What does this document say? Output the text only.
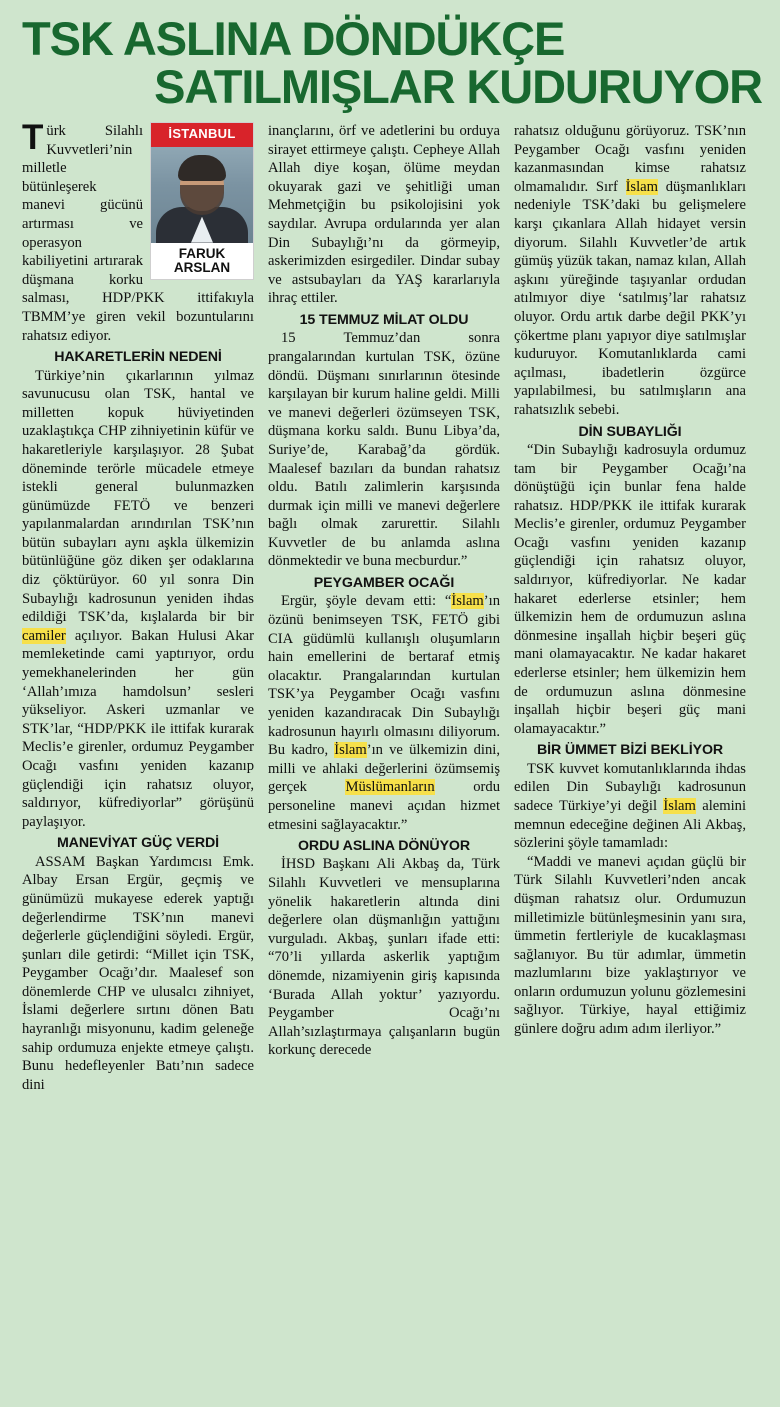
TSK ASLINA DÖNDÜKÇE
SATILMIŞLAR KUDURUYOR
İSTANBUL
FARUK
ARSLAN

Türk Silahlı Kuvvetleri’nin milletle bütünleşerek manevi gücünü artırması ve operasyon kabiliyetini artırarak düşmana korku salması, HDP/PKK ittifakıyla TBMM’ye giren vekil bozuntularını rahatsız ediyor.

HAKARETLERİN NEDENİ

Türkiye’nin çıkarlarının yılmaz savunucusu olan TSK, hantal ve milletten kopuk hüviyetinden uzaklaştıkça CHP zihniyetinin küfür ve hakaretleriyle karşılaşıyor. 28 Şubat döneminde terörle mücadele etmeye istekli general bulunmazken günümüzde FETÖ ve benzeri yapılanmalardan arındırılan TSK’nın bütün subayları aynı aşkla ülkemizin bütünlüğüne göz diken şer odaklarına diz çöktürüyor. 60 yıl sonra Din Subaylığı kadrosunun yeniden ihdas edildiği TSK’da, kışlalarda bir bir camiler açılıyor. Bakan Hulusi Akar memleketinde cami yaptırıyor, ordu yemekhanelerinden her gün ‘Allah’ımıza hamdolsun’ sesleri yükseliyor. Askeri uzmanlar ve STK’lar, “HDP/PKK ile ittifak kurarak Meclis’e girenler, ordumuz Peygamber Ocağı vasfını yeniden kazanıp güçlendiği için rahatsız oluyor, saldırıyor, küfrediyorlar” görüşünü paylaşıyor.

MANEVİYAT GÜÇ VERDİ

ASSAM Başkan Yardımcısı Emk. Albay Ersan Ergür, geçmiş ve günümüzü mukayese ederek yaptığı değerlendirme TSK’nın manevi değerlerle güçlendiğini söyledi. Ergür, şunları dile getirdi: “Millet için TSK, Peygamber Ocağı’dır. Maalesef son dönemlerde CHP ve ulusalcı zihniyet, İslami değerlere sırtını dönen Batı hayranlığı misyonunu, kadim geleneğe sahip ordumuza enjekte etmeye çalıştı. Bunu hedefleyenler Batı’nın sadece dini

inançlarını, örf ve adetlerini bu orduya sirayet ettirmeye çalıştı. Cepheye Allah Allah diye koşan, ölüme meydan okuyarak gazi ve şehitliği uman Mehmetçiğin bu psikolojisini yok saydılar. Avrupa ordularında yer alan Din Subaylığı’nı da görmeyip, askerimizden esirgediler. Dindar subay ve astsubayları da YAŞ kararlarıyla ihraç ettiler.

15 TEMMUZ MİLAT OLDU

15 Temmuz’dan sonra prangalarından kurtulan TSK, özüne döndü. Düşmanı sınırlarının ötesinde karşılayan bir kurum haline geldi. Milli ve manevi değerleri özümseyen TSK, düşmana korku saldı. Bunu Libya’da, Suriye’de, Karabağ’da gördük. Maalesef bazıları da bundan rahatsız oldu. Batılı zalimlerin karşısında durmak için milli ve manevi değerlere bağlı olmak zarurettir. Silahlı Kuvvetler de bu anlamda aslına dönmektedir ve buna mecburdur.”

PEYGAMBER OCAĞI

Ergür, şöyle devam etti: “İslam’ın özünü benimseyen TSK, FETÖ gibi CIA güdümlü kullanışlı oluşumların hain emellerini de bertaraf etmiş olacaktır. Prangalarından kurtulan TSK’ya Peygamber Ocağı vasfını yeniden kazandıracak Din Subaylığı kadrosunun hayırlı olmasını diliyorum. Bu kadro, İslam’ın ve ülkemizin dini, milli ve ahlaki değerlerini özümsemiş gerçek Müslümanların ordu personeline manevi açıdan hizmet etmesini sağlayacaktır.”

ORDU ASLINA DÖNÜYOR

İHSD Başkanı Ali Akbaş da, Türk Silahlı Kuvvetleri ve mensuplarına yönelik hakaretlerin altında dini değerlere olan düşmanlığın yattığını vurguladı. Akbaş, şunları ifade etti: “70’li yıllarda askerlik yaptığım dönemde, nizamiyenin giriş kapısında ‘Burada Allah yoktur’ yazıyordu. Peygamber Ocağı’nı Allah’sızlaştırmaya çalışanların bugün korkunç derecede

rahatsız olduğunu görüyoruz. TSK’nın Peygamber Ocağı vasfını yeniden kazanmasından kimse rahatsız olmamalıdır. Sırf İslam düşmanlıkları nedeniyle TSK’daki bu gelişmelere karşı çıkanlara Allah hidayet versin diyorum. Silahlı Kuvvetler’de artık gümüş yüzük takan, namaz kılan, Allah aşkını yüreğinde taşıyanlar ordudan atılmıyor diye ‘satılmış’lar rahatsız oluyor. Ordu artık darbe değil PKK’yı çökertme planı yapıyor diye satılmışlar kuduruyor. Komutanlıklarda cami açılması, ibadetlerin özgürce yapılabilmesi, bu satılmışların ana rahatsızlık sebebi.

DİN SUBAYLIĞI

“Din Subaylığı kadrosuyla ordumuz tam bir Peygamber Ocağı’na dönüştüğü için bunlar fena halde rahatsız. HDP/PKK ile ittifak kurarak Meclis’e girenler, ordumuz Peygamber Ocağı vasfını yeniden kazanıp güçlendiği için rahatsız oluyor, saldırıyor, küfrediyorlar. Ne kadar hakaret ederlerse etsinler; hem ülkemizin hem de ordumuzun aslına dönmesine inşallah hiçbir beşeri güç mani olamayacaktır. Ne kadar hakaret ederlerse etsinler; hem ülkemizin hem de ordumuzun aslına dönmesine inşallah hiçbir beşeri güç mani olamayacaktır.”

BİR ÜMMET BİZİ BEKLİYOR

TSK kuvvet komutanlıklarında ihdas edilen Din Subaylığı kadrosunun sadece Türkiye’yi değil İslam alemini memnun edeceğine değinen Ali Akbaş, sözlerini şöyle tamamladı:

“Maddi ve manevi açıdan güçlü bir Türk Silahlı Kuvvetleri’nden ancak düşman rahatsız olur. Ordumuzun milletimizle bütünleşmesinin yanı sıra, ümmetin fertleriyle de kucaklaşması sağlanıyor. Bu tür adımlar, ümmetin mazlumlarını bize yaklaştırıyor ve onların ordumuzun yolunu gözlemesini sağlıyor. Türkiye, hayal ettiğimiz günlere doğru adım adım ilerliyor.”
